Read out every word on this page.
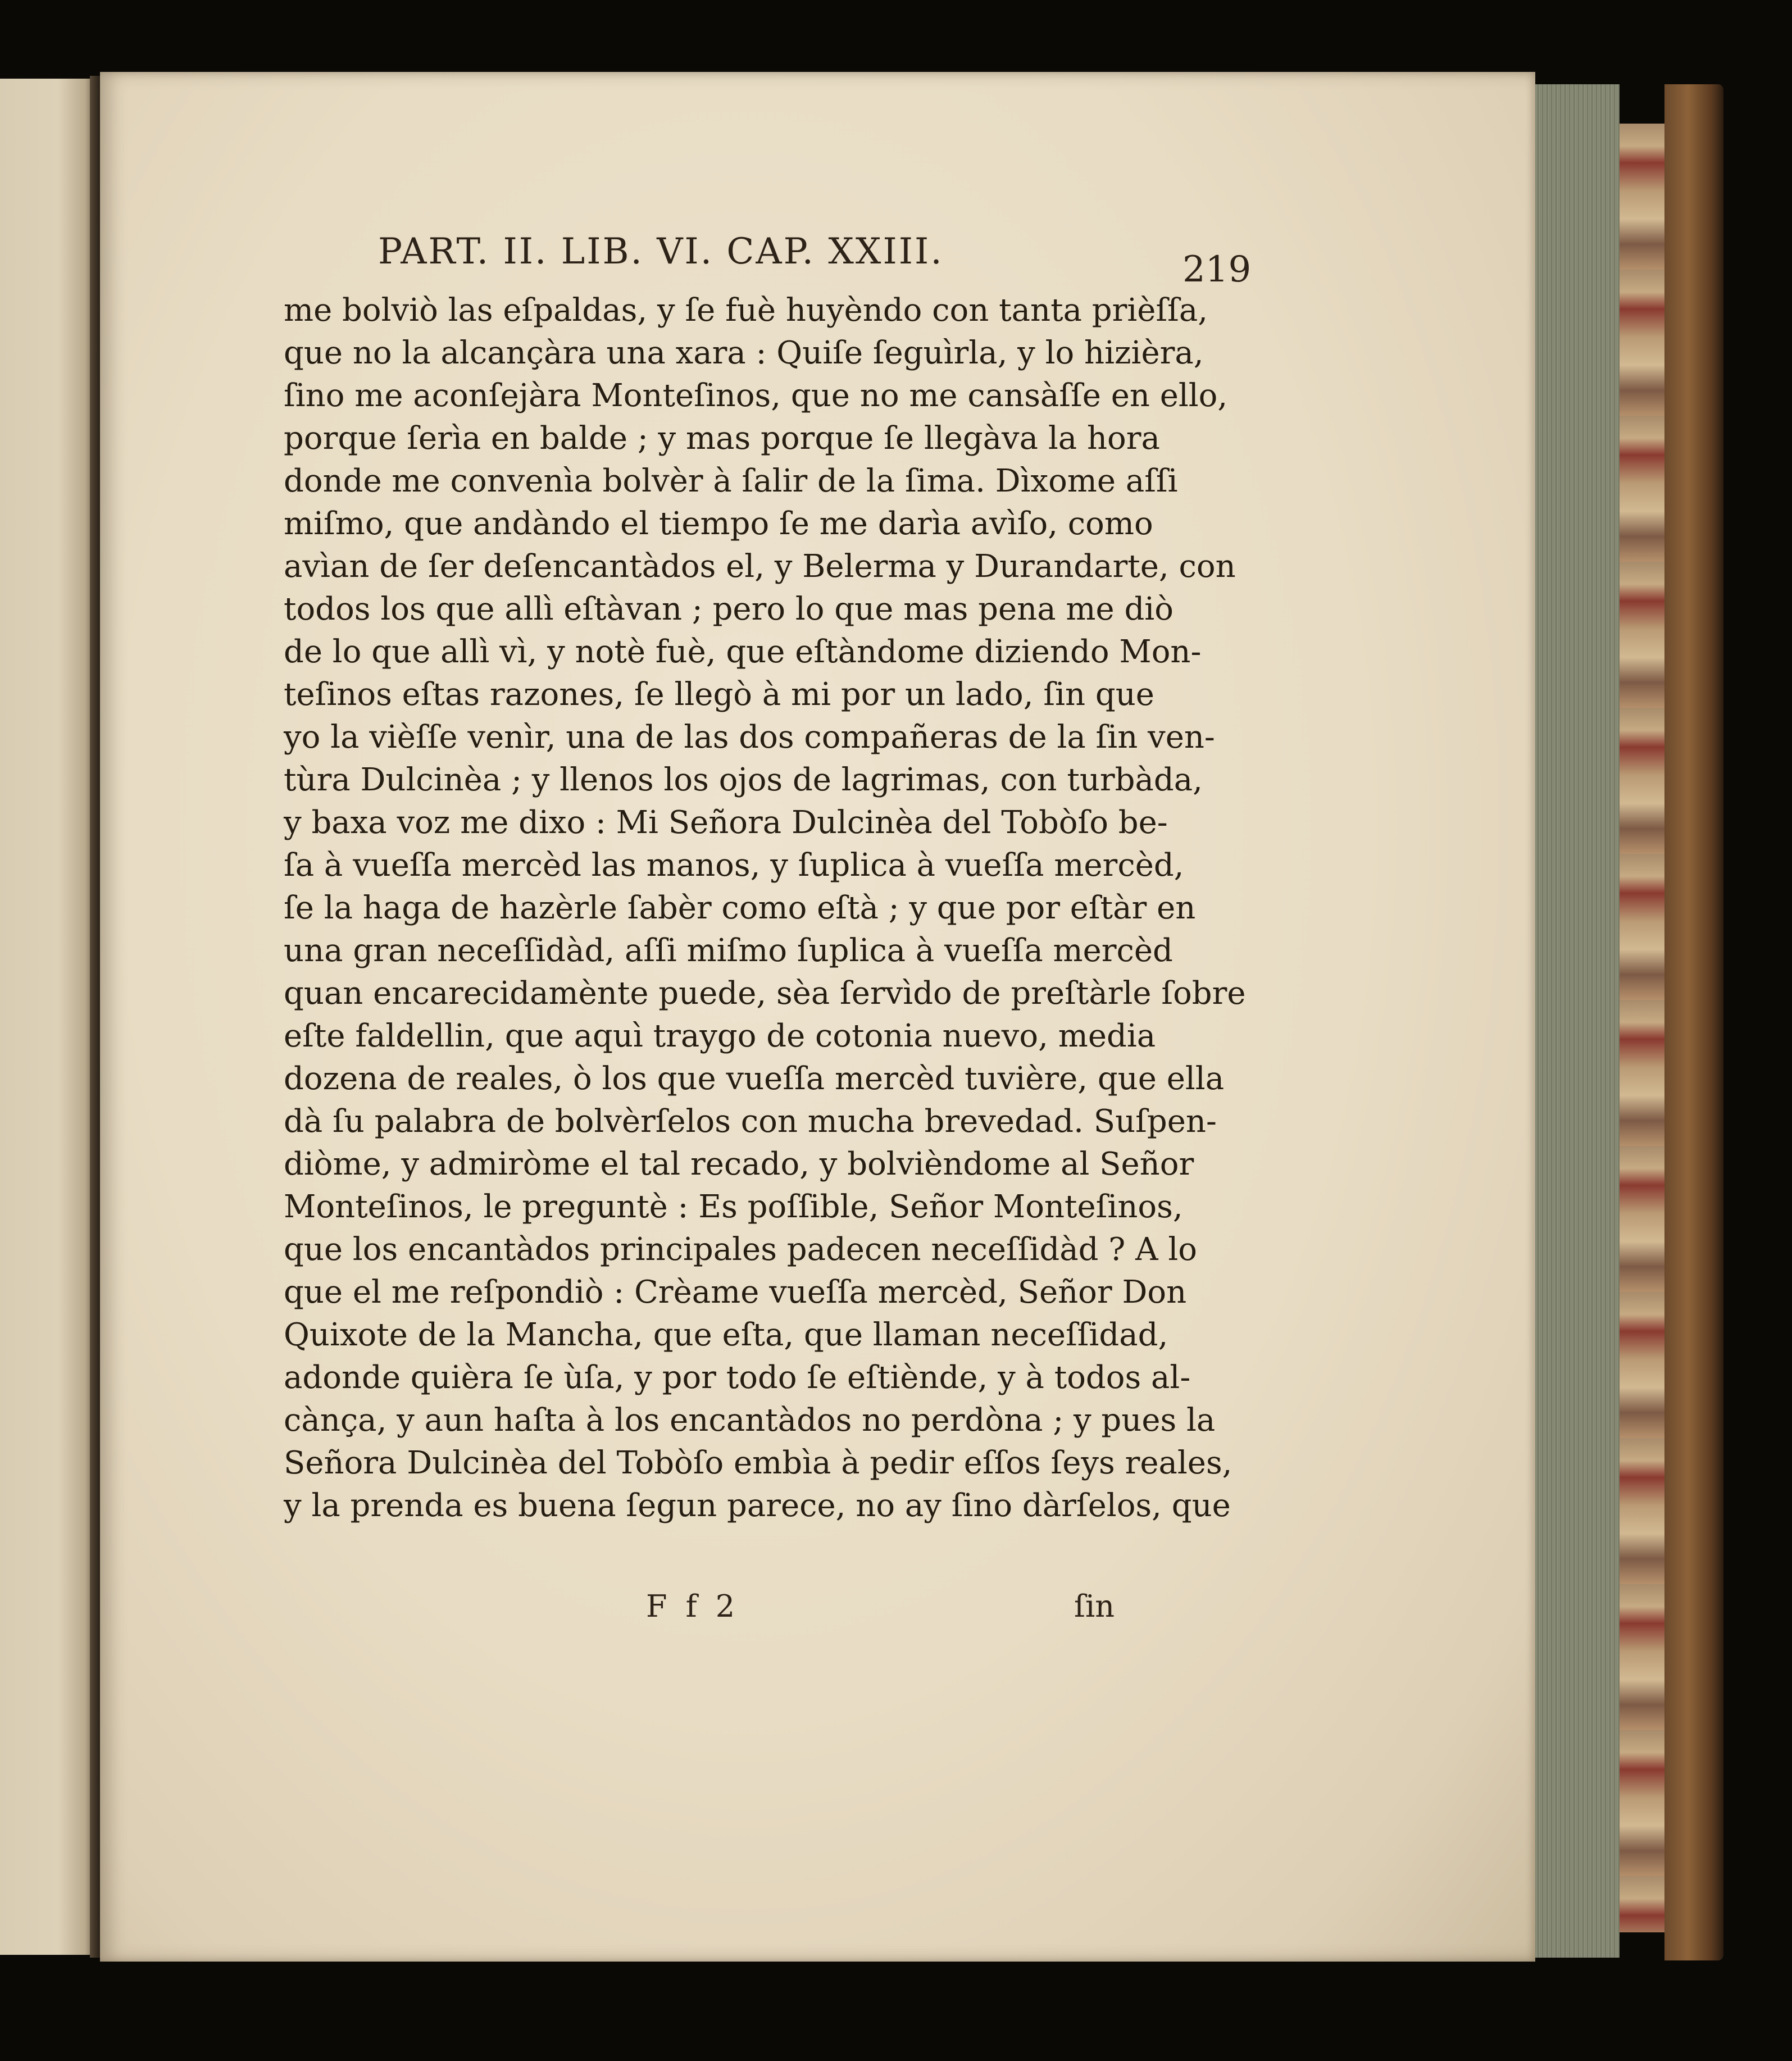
PART. II. LIB. VI. CAP. XXIII.	219
me bolviò las eſpaldas, y ſe fuè huyèndo con tanta prièſſa,
que no la alcançàra una xara : Quiſe ſeguìrla, y lo hizièra,
ſino me aconſejàra Monteſinos, que no me cansàſſe en ello,
porque ſerìa en balde ; y mas porque ſe llegàva la hora
donde me convenìa bolvèr à ſalir de la ſima. Dìxome aſſi
miſmo, que andàndo el tiempo ſe me darìa avìſo, como
avìan de ſer deſencantàdos el, y Belerma y Durandarte, con
todos los que allì eſtàvan ; pero lo que mas pena me diò
de lo que allì vì, y notè fuè, que eſtàndome diziendo Mon-
teſinos eſtas razones, ſe llegò à mi por un lado, ſin que
yo la vièſſe venìr, una de las dos compañeras de la ſin ven-
tùra Dulcinèa ; y llenos los ojos de lagrimas, con turbàda,
y baxa voz me dixo : Mi Señora Dulcinèa del Tobòſo be-
ſa à vueſſa mercèd las manos, y ſuplica à vueſſa mercèd,
ſe la haga de hazèrle ſabèr como eſtà ; y que por eſtàr en
una gran neceſſidàd, aſſi miſmo ſuplica à vueſſa mercèd
quan encarecidamènte puede, sèa ſervìdo de preſtàrle ſobre
eſte faldellin, que aquì traygo de cotonia nuevo, media
dozena de reales, ò los que vueſſa mercèd tuvière, que ella
dà ſu palabra de bolvèrſelos con mucha brevedad. Suſpen-
diòme, y admiròme el tal recado, y bolvièndome al Señor
Monteſinos, le preguntè : Es poſſible, Señor Monteſinos,
que los encantàdos principales padecen neceſſidàd ? A lo
que el me reſpondiò : Crèame vueſſa mercèd, Señor Don
Quixote de la Mancha, que eſta, que llaman neceſſidad,
adonde quièra ſe ùſa, y por todo ſe eſtiènde, y à todos al-
cànça, y aun haſta à los encantàdos no perdòna ; y pues la
Señora Dulcinèa del Tobòſo embìa à pedir eſſos ſeys reales,
y la prenda es buena ſegun parece, no ay ſino dàrſelos, que
F f 2	ſin
